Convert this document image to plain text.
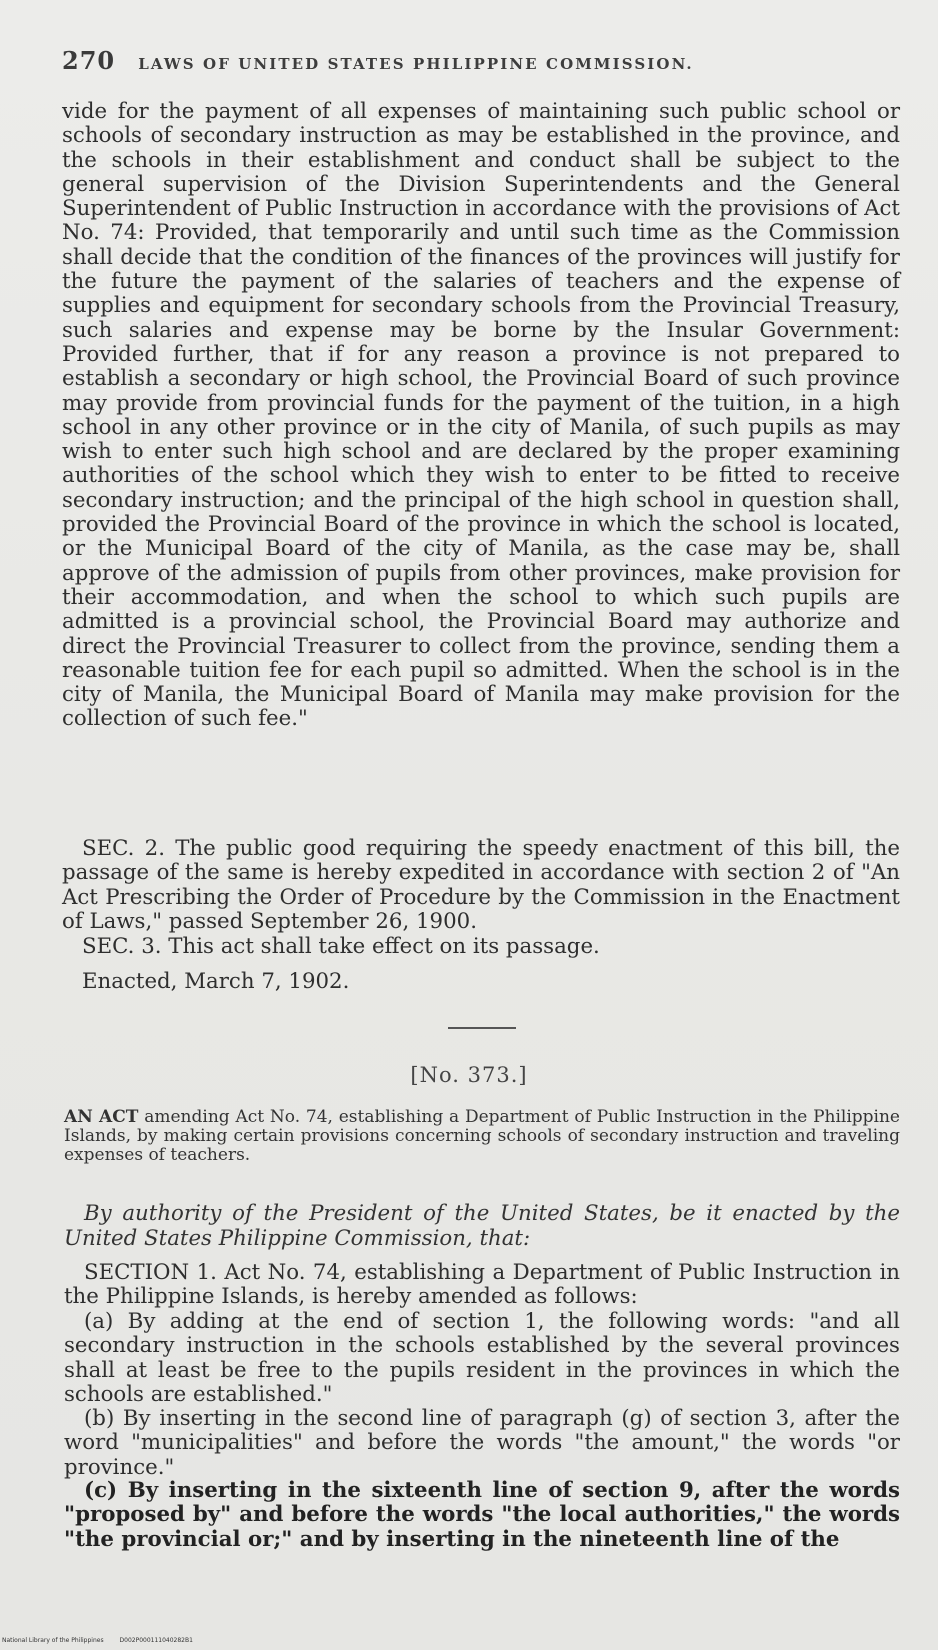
270 LAWS OF UNITED STATES PHILIPPINE COMMISSION.

vide for the payment of all expenses of maintaining such public school or schools of secondary instruction as may be established in the province, and the schools in their establishment and conduct shall be subject to the general supervision of the Division Superintendents and the General Superintendent of Public Instruction in accordance with the provisions of Act No. 74: Provided, that temporarily and until such time as the Commission shall decide that the condition of the finances of the provinces will justify for the future the payment of the salaries of teachers and the expense of supplies and equipment for secondary schools from the Provincial Treasury, such salaries and expense may be borne by the Insular Government: Provided further, that if for any reason a province is not prepared to establish a secondary or high school, the Provincial Board of such province may provide from provincial funds for the payment of the tuition, in a high school in any other province or in the city of Manila, of such pupils as may wish to enter such high school and are declared by the proper examining authorities of the school which they wish to enter to be fitted to receive secondary instruction; and the principal of the high school in question shall, provided the Provincial Board of the province in which the school is located, or the Municipal Board of the city of Manila, as the case may be, shall approve of the admission of pupils from other provinces, make provision for their accommodation, and when the school to which such pupils are admitted is a provincial school, the Provincial Board may authorize and direct the Provincial Treasurer to collect from the province, sending them a reasonable tuition fee for each pupil so admitted. When the school is in the city of Manila, the Municipal Board of Manila may make provision for the collection of such fee."

SEC. 2. The public good requiring the speedy enactment of this bill, the passage of the same is hereby expedited in accordance with section 2 of "An Act Prescribing the Order of Procedure by the Commission in the Enactment of Laws," passed September 26, 1900.

SEC. 3. This act shall take effect on its passage.

Enacted, March 7, 1902.

[No. 373.]
AN ACT amending Act No. 74, establishing a Department of Public Instruction in the Philippine Islands, by making certain provisions concerning schools of secondary instruction and traveling expenses of teachers.
By authority of the President of the United States, be it enacted by the United States Philippine Commission, that:

SECTION 1. Act No. 74, establishing a Department of Public Instruction in the Philippine Islands, is hereby amended as follows:

(a) By adding at the end of section 1, the following words: "and all secondary instruction in the schools established by the several provinces shall at least be free to the pupils resident in the provinces in which the schools are established."

(b) By inserting in the second line of paragraph (g) of section 3, after the word "municipalities" and before the words "the amount," the words "or province."

(c) By inserting in the sixteenth line of section 9, after the words "proposed by" and before the words "the local authorities," the words "the provincial or;" and by inserting in the nineteenth line of the

National Library of the Philippines	D002P000111040282B1
